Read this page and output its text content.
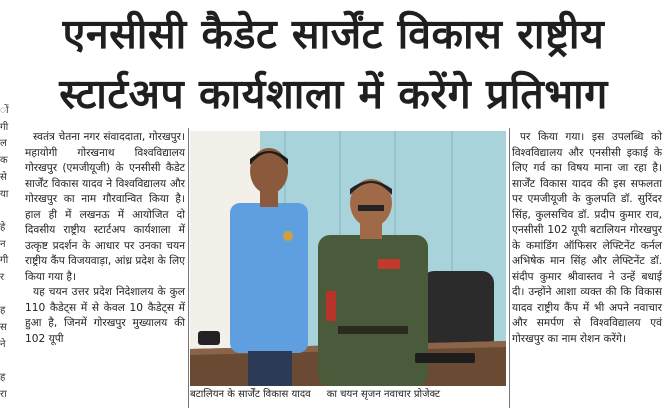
एनसीसी कैडेट सार्जेंट विकास राष्ट्रीय
स्टार्टअप कार्यशाला में करेंगे प्रतिभाग
ों
गी
ल
क
से
या

हे
न
गी
र

ह
स
ने

ह
रा

स्वतंत्र चेतना नगर संवाददाता, गोरखपुर। महायोगी गोरखनाथ विश्वविद्यालय गोरखपुर (एमजीयूजी) के एनसीसी कैडेट सार्जेंट विकास यादव ने विश्वविद्यालय और गोरखपुर का नाम गौरवान्वित किया है। हाल ही में लखनऊ में आयोजित दो दिवसीय राष्ट्रीय स्टार्टअप कार्यशाला में उत्कृष्ट प्रदर्शन के आधार पर उनका चयन राष्ट्रीय कैंप विजयवाड़ा, आंध्र प्रदेश के लिए किया गया है।

यह चयन उत्तर प्रदेश निदेशालय के कुल 110 कैडेट्स में से केवल 10 कैडेट्स में हुआ है, जिनमें गोरखपुर मुख्यालय की 102 यूपी

बटालियन के सार्जेंट विकास यादव का चयन सृजन नवाचार प्रोजेक्ट

पर किया गया। इस उपलब्धि को विश्वविद्यालय और एनसीसी इकाई के लिए गर्व का विषय माना जा रहा है। सार्जेंट विकास यादव की इस सफलता पर एमजीयूजी के कुलपति डॉ. सुरिंदर सिंह, कुलसचिव डॉ. प्रदीप कुमार राव, एनसीसी 102 यूपी बटालियन गोरखपुर के कमांडिंग ऑफिसर लेफ्टिनेंट कर्नल अभिषेक मान सिंह और लेफ्टिनेंट डॉ. संदीप कुमार श्रीवास्तव ने उन्हें बधाई दी। उन्होंने आशा व्यक्त की कि विकास यादव राष्ट्रीय कैंप में भी अपने नवाचार और समर्पण से विश्वविद्यालय एवं गोरखपुर का नाम रोशन करेंगे।
